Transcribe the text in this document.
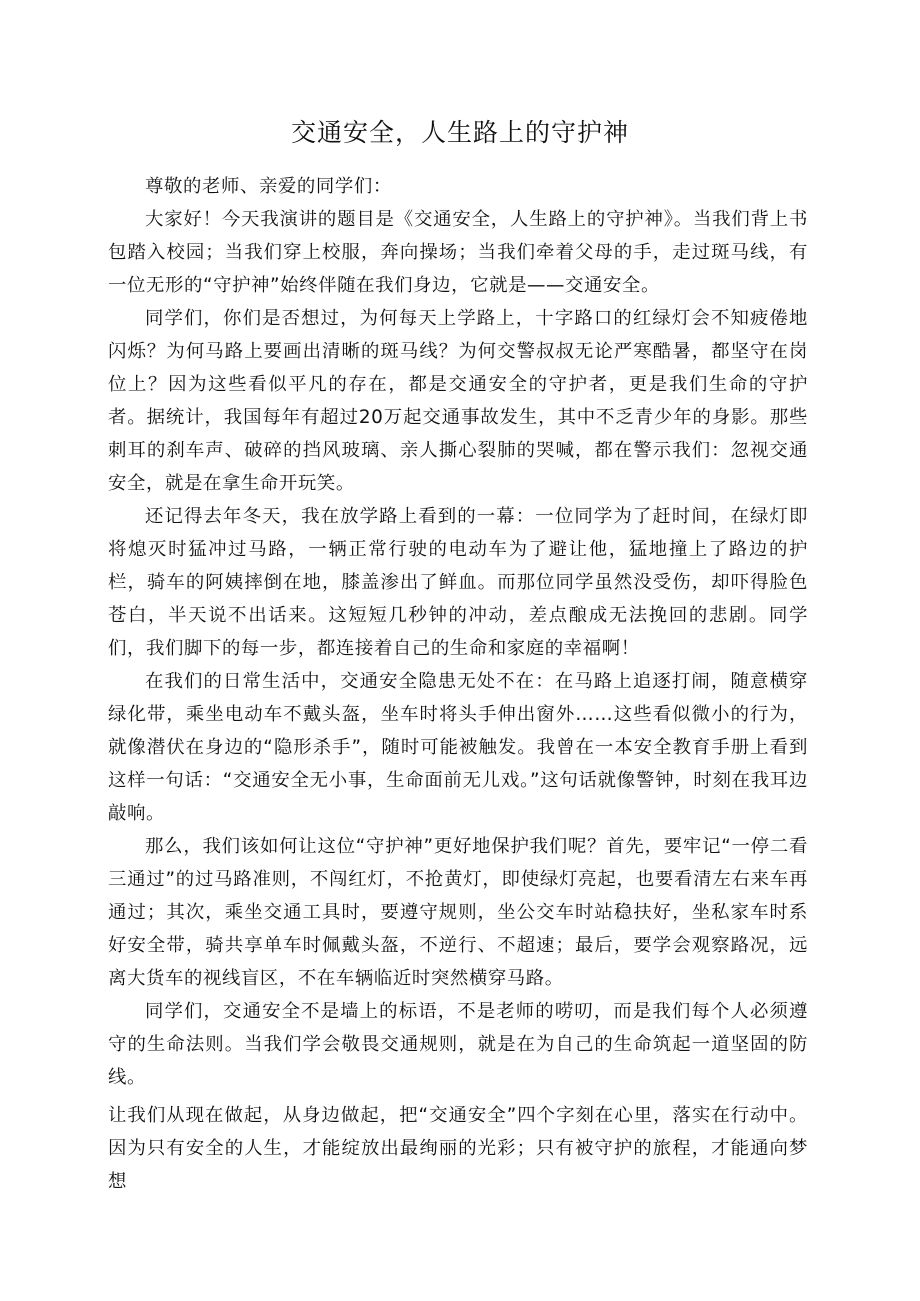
交通安全，人生路上的守护神

尊敬的老师、亲爱的同学们：

大家好！今天我演讲的题目是《交通安全，人生路上的守护神》。当我们背上书包踏入校园；当我们穿上校服，奔向操场；当我们牵着父母的手，走过斑马线，有一位无形的“守护神”始终伴随在我们身边，它就是——交通安全。

同学们，你们是否想过，为何每天上学路上，十字路口的红绿灯会不知疲倦地闪烁？为何马路上要画出清晰的斑马线？为何交警叔叔无论严寒酷暑，都坚守在岗位上？因为这些看似平凡的存在，都是交通安全的守护者，更是我们生命的守护者。据统计，我国每年有超过20万起交通事故发生，其中不乏青少年的身影。那些刺耳的刹车声、破碎的挡风玻璃、亲人撕心裂肺的哭喊，都在警示我们：忽视交通安全，就是在拿生命开玩笑。

还记得去年冬天，我在放学路上看到的一幕：一位同学为了赶时间，在绿灯即将熄灭时猛冲过马路，一辆正常行驶的电动车为了避让他，猛地撞上了路边的护栏，骑车的阿姨摔倒在地，膝盖渗出了鲜血。而那位同学虽然没受伤，却吓得脸色苍白，半天说不出话来。这短短几秒钟的冲动，差点酿成无法挽回的悲剧。同学们，我们脚下的每一步，都连接着自己的生命和家庭的幸福啊！

在我们的日常生活中，交通安全隐患无处不在：在马路上追逐打闹，随意横穿绿化带，乘坐电动车不戴头盔，坐车时将头手伸出窗外……这些看似微小的行为，就像潜伏在身边的“隐形杀手”，随时可能被触发。我曾在一本安全教育手册上看到这样一句话：“交通安全无小事，生命面前无儿戏。”这句话就像警钟，时刻在我耳边敲响。

那么，我们该如何让这位“守护神”更好地保护我们呢？首先，要牢记“一停二看三通过”的过马路准则，不闯红灯，不抢黄灯，即使绿灯亮起，也要看清左右来车再通过；其次，乘坐交通工具时，要遵守规则，坐公交车时站稳扶好，坐私家车时系好安全带，骑共享单车时佩戴头盔，不逆行、不超速；最后，要学会观察路况，远离大货车的视线盲区，不在车辆临近时突然横穿马路。

同学们，交通安全不是墙上的标语，不是老师的唠叨，而是我们每个人必须遵守的生命法则。当我们学会敬畏交通规则，就是在为自己的生命筑起一道坚固的防线。

让我们从现在做起，从身边做起，把“交通安全”四个字刻在心里，落实在行动中。因为只有安全的人生，才能绽放出最绚丽的光彩；只有被守护的旅程，才能通向梦想
